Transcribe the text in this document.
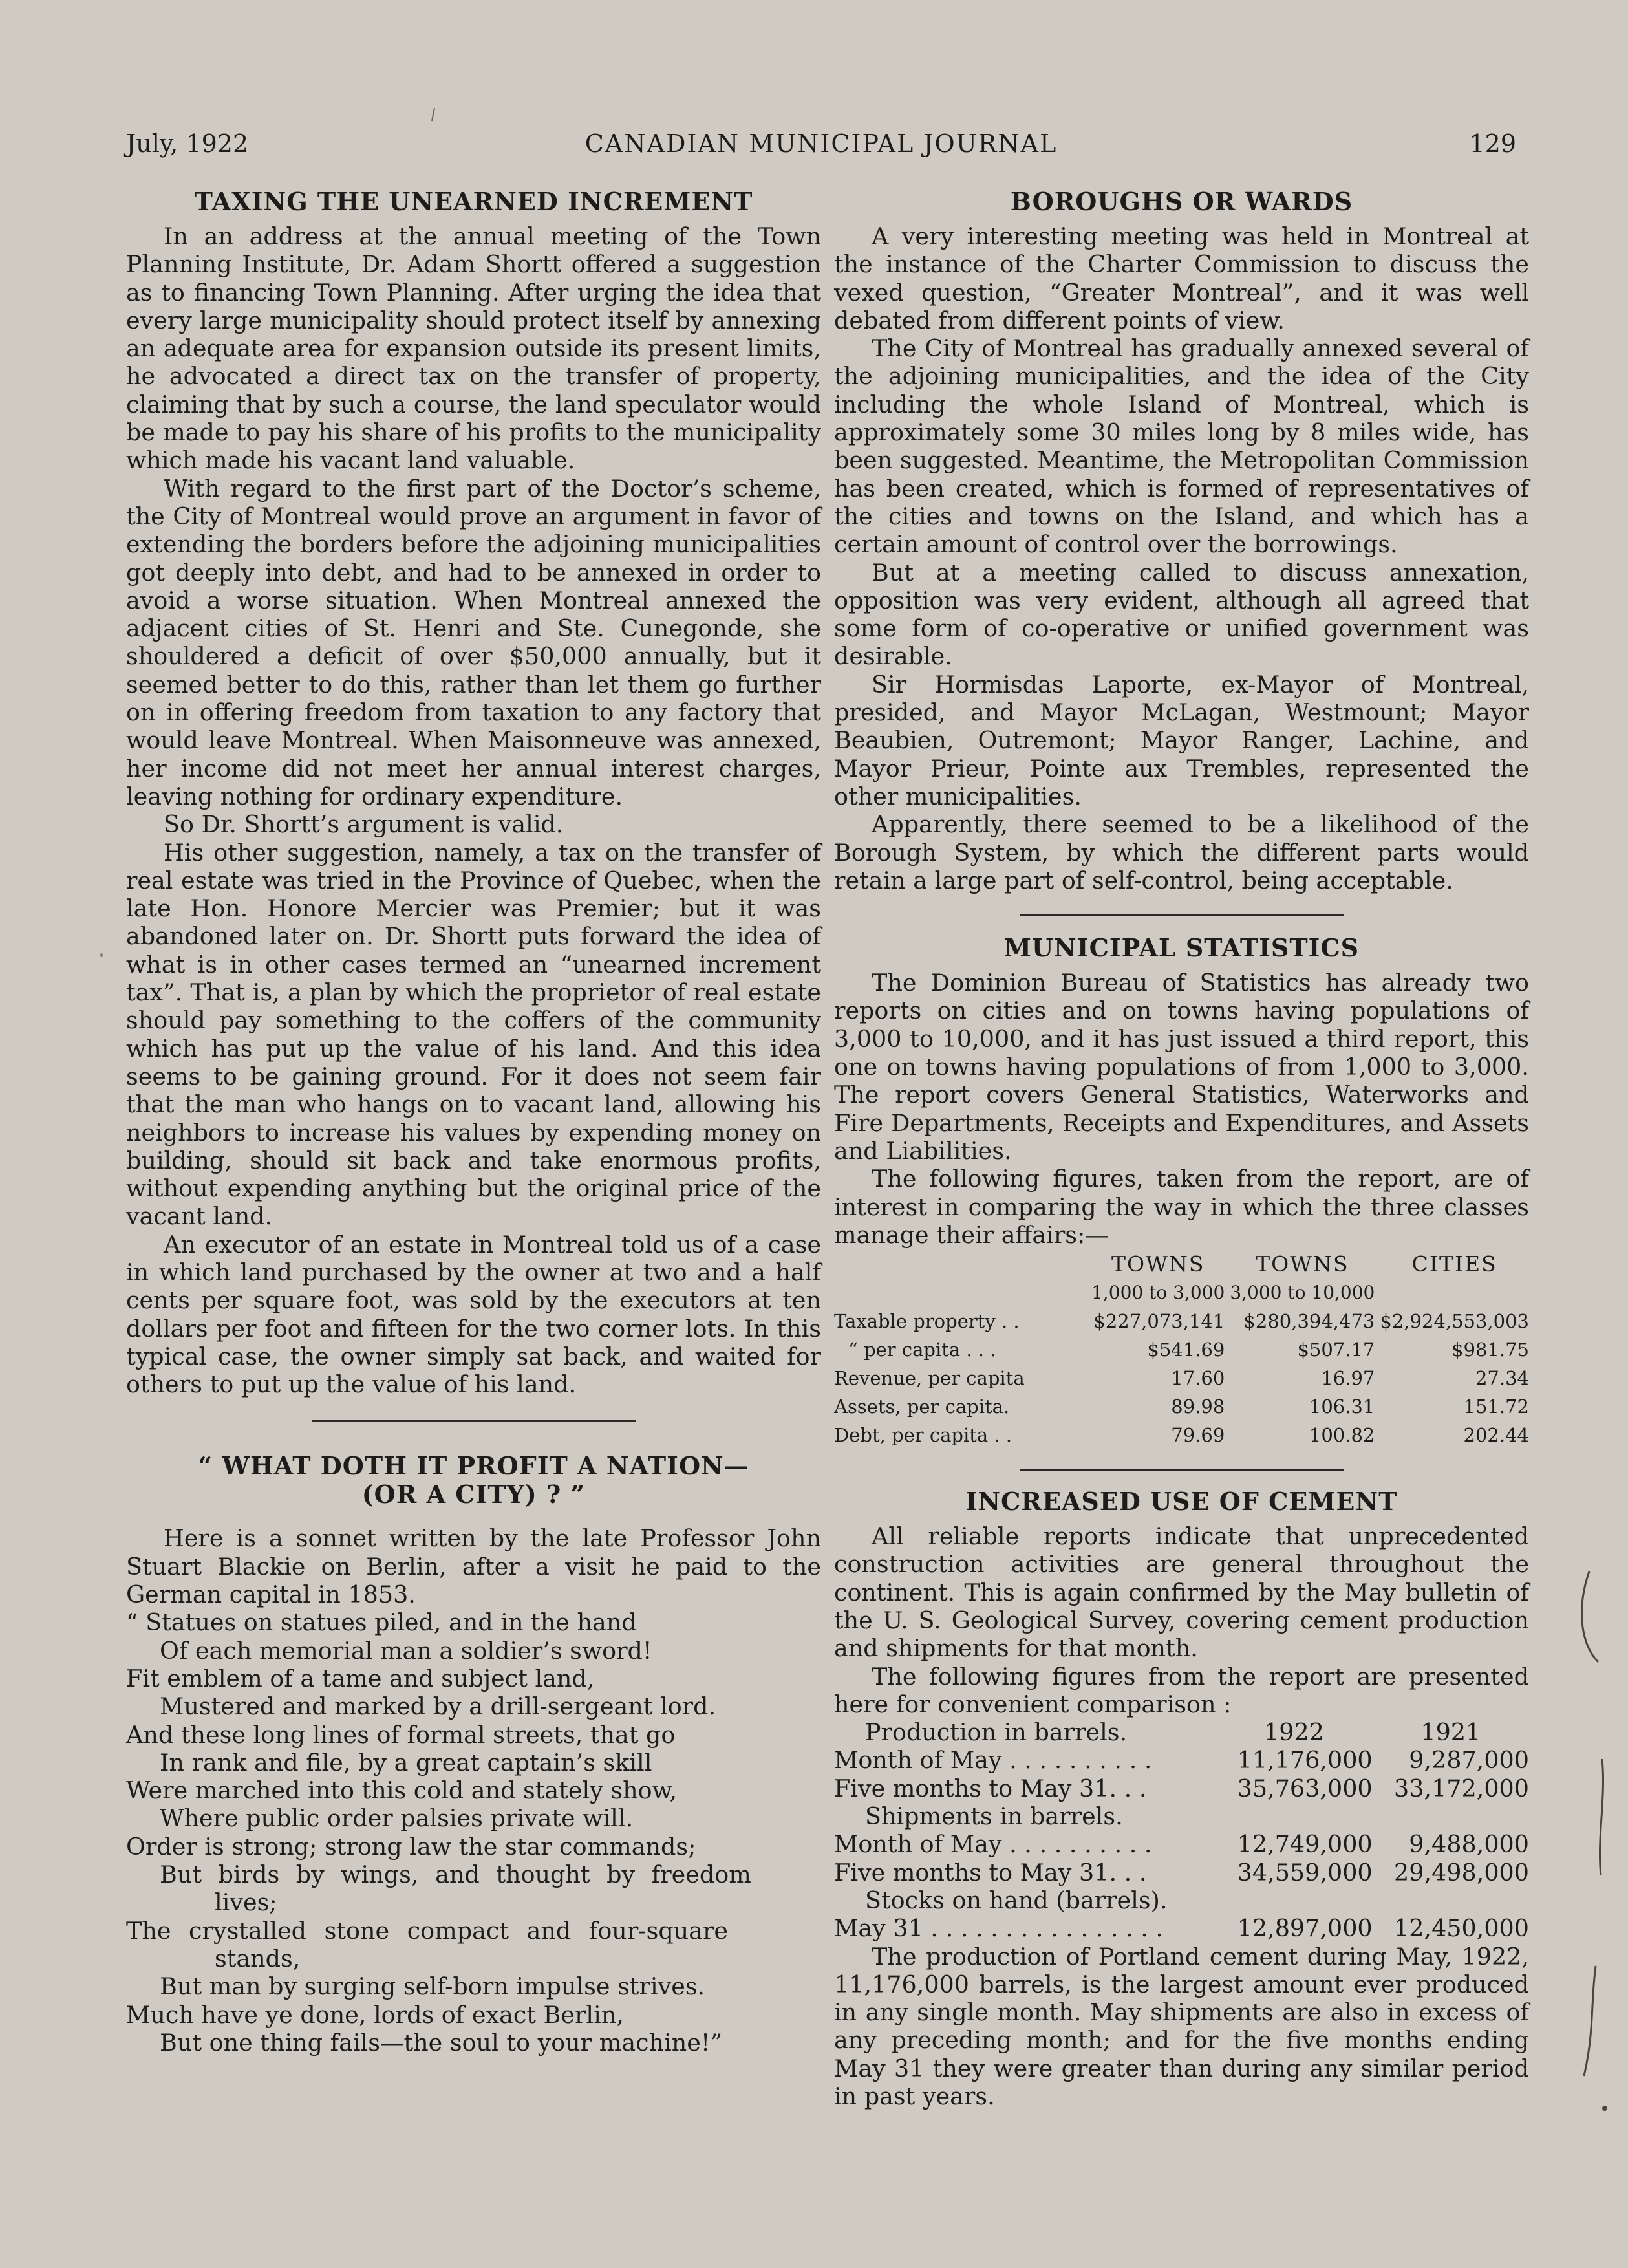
July, 1922	CANADIAN MUNICIPAL JOURNAL	129
TAXING THE UNEARNED INCREMENT

In an address at the annual meeting of the Town Planning Institute, Dr. Adam Shortt offered a suggestion as to financing Town Planning. After urging the idea that every large municipality should protect itself by annexing an adequate area for expansion outside its present limits, he advocated a direct tax on the transfer of property, claiming that by such a course, the land speculator would be made to pay his share of his profits to the municipality which made his vacant land valuable.

With regard to the first part of the Doctor’s scheme, the City of Montreal would prove an argument in favor of extending the borders before the adjoining municipalities got deeply into debt, and had to be annexed in order to avoid a worse situation. When Montreal annexed the adjacent cities of St. Henri and Ste. Cunegonde, she shouldered a deficit of over $50,000 annually, but it seemed better to do this, rather than let them go further on in offering freedom from taxation to any factory that would leave Montreal. When Maisonneuve was annexed, her income did not meet her annual interest charges, leaving nothing for ordinary expenditure.

So Dr. Shortt’s argument is valid.

His other suggestion, namely, a tax on the transfer of real estate was tried in the Province of Quebec, when the late Hon. Honore Mercier was Premier; but it was abandoned later on. Dr. Shortt puts forward the idea of what is in other cases termed an “unearned increment tax”. That is, a plan by which the proprietor of real estate should pay something to the coffers of the community which has put up the value of his land. And this idea seems to be gaining ground. For it does not seem fair that the man who hangs on to vacant land, allowing his neighbors to increase his values by expending money on building, should sit back and take enormous profits, without expending anything but the original price of the vacant land.

An executor of an estate in Montreal told us of a case in which land purchased by the owner at two and a half cents per square foot, was sold by the executors at ten dollars per foot and fifteen for the two corner lots. In this typical case, the owner simply sat back, and waited for others to put up the value of his land.

“ WHAT DOTH IT PROFIT A NATION—
(OR A CITY) ? ”

Here is a sonnet written by the late Professor John Stuart Blackie on Berlin, after a visit he paid to the German capital in 1853.

“ Statues on statues piled, and in the hand
Of each memorial man a soldier’s sword!
Fit emblem of a tame and subject land,
Mustered and marked by a drill-sergeant lord.
And these long lines of formal streets, that go
In rank and file, by a great captain’s skill
Were marched into this cold and stately show,
Where public order palsies private will.
Order is strong; strong law the star commands;
But birds by wings, and thought by freedom
lives;
The crystalled stone compact and four-square
stands,
But man by surging self-born impulse strives.
Much have ye done, lords of exact Berlin,
But one thing fails—the soul to your machine!”
BOROUGHS OR WARDS

A very interesting meeting was held in Montreal at the instance of the Charter Commission to discuss the vexed question, “Greater Montreal”, and it was well debated from different points of view.

The City of Montreal has gradually annexed several of the adjoining municipalities, and the idea of the City including the whole Island of Montreal, which is approximately some 30 miles long by 8 miles wide, has been suggested. Meantime, the Metropolitan Commission has been created, which is formed of representatives of the cities and towns on the Island, and which has a certain amount of control over the borrowings.

But at a meeting called to discuss annexation, opposition was very evident, although all agreed that some form of co-operative or unified government was desirable.

Sir Hormisdas Laporte, ex-Mayor of Montreal, presided, and Mayor McLagan, Westmount; Mayor Beaubien, Outremont; Mayor Ranger, Lachine, and Mayor Prieur, Pointe aux Trembles, represented the other municipalities.

Apparently, there seemed to be a likelihood of the Borough System, by which the different parts would retain a large part of self-control, being acceptable.

MUNICIPAL STATISTICS

The Dominion Bureau of Statistics has already two reports on cities and on towns having populations of 3,000 to 10,000, and it has just issued a third report, this one on towns having populations of from 1,000 to 3,000. The report covers General Statistics, Waterworks and Fire Departments, Receipts and Expenditures, and Assets and Liabilities.

The following figures, taken from the report, are of interest in comparing the way in which the three classes manage their affairs:—

	TOWNS	TOWNS	CITIES
	1,000 to 3,000	3,000 to 10,000	
Taxable property . .	$227,073,141	$280,394,473	$2,924,553,003
“ per capita . . .	$541.69	$507.17	$981.75
Revenue, per capita	17.60	16.97	27.34
Assets, per capita.	89.98	106.31	151.72
Debt, per capita . .	79.69	100.82	202.44
INCREASED USE OF CEMENT

All reliable reports indicate that unprecedented construction activities are general throughout the continent. This is again confirmed by the May bulletin of the U. S. Geological Survey, covering cement production and shipments for that month.

The following figures from the report are presented here for convenient comparison :

Production in barrels.	1922	1921
Month of May . . . . . . . . . .	11,176,000	9,287,000
Five months to May 31. . .	35,763,000	33,172,000
Shipments in barrels.		
Month of May . . . . . . . . . .	12,749,000	9,488,000
Five months to May 31. . .	34,559,000	29,498,000
Stocks on hand (barrels).		
May 31 . . . . . . . . . . . . . . . .	12,897,000	12,450,000

The production of Portland cement during May, 1922, 11,176,000 barrels, is the largest amount ever produced in any single month. May shipments are also in excess of any preceding month; and for the five months ending May 31 they were greater than during any similar period in past years.
